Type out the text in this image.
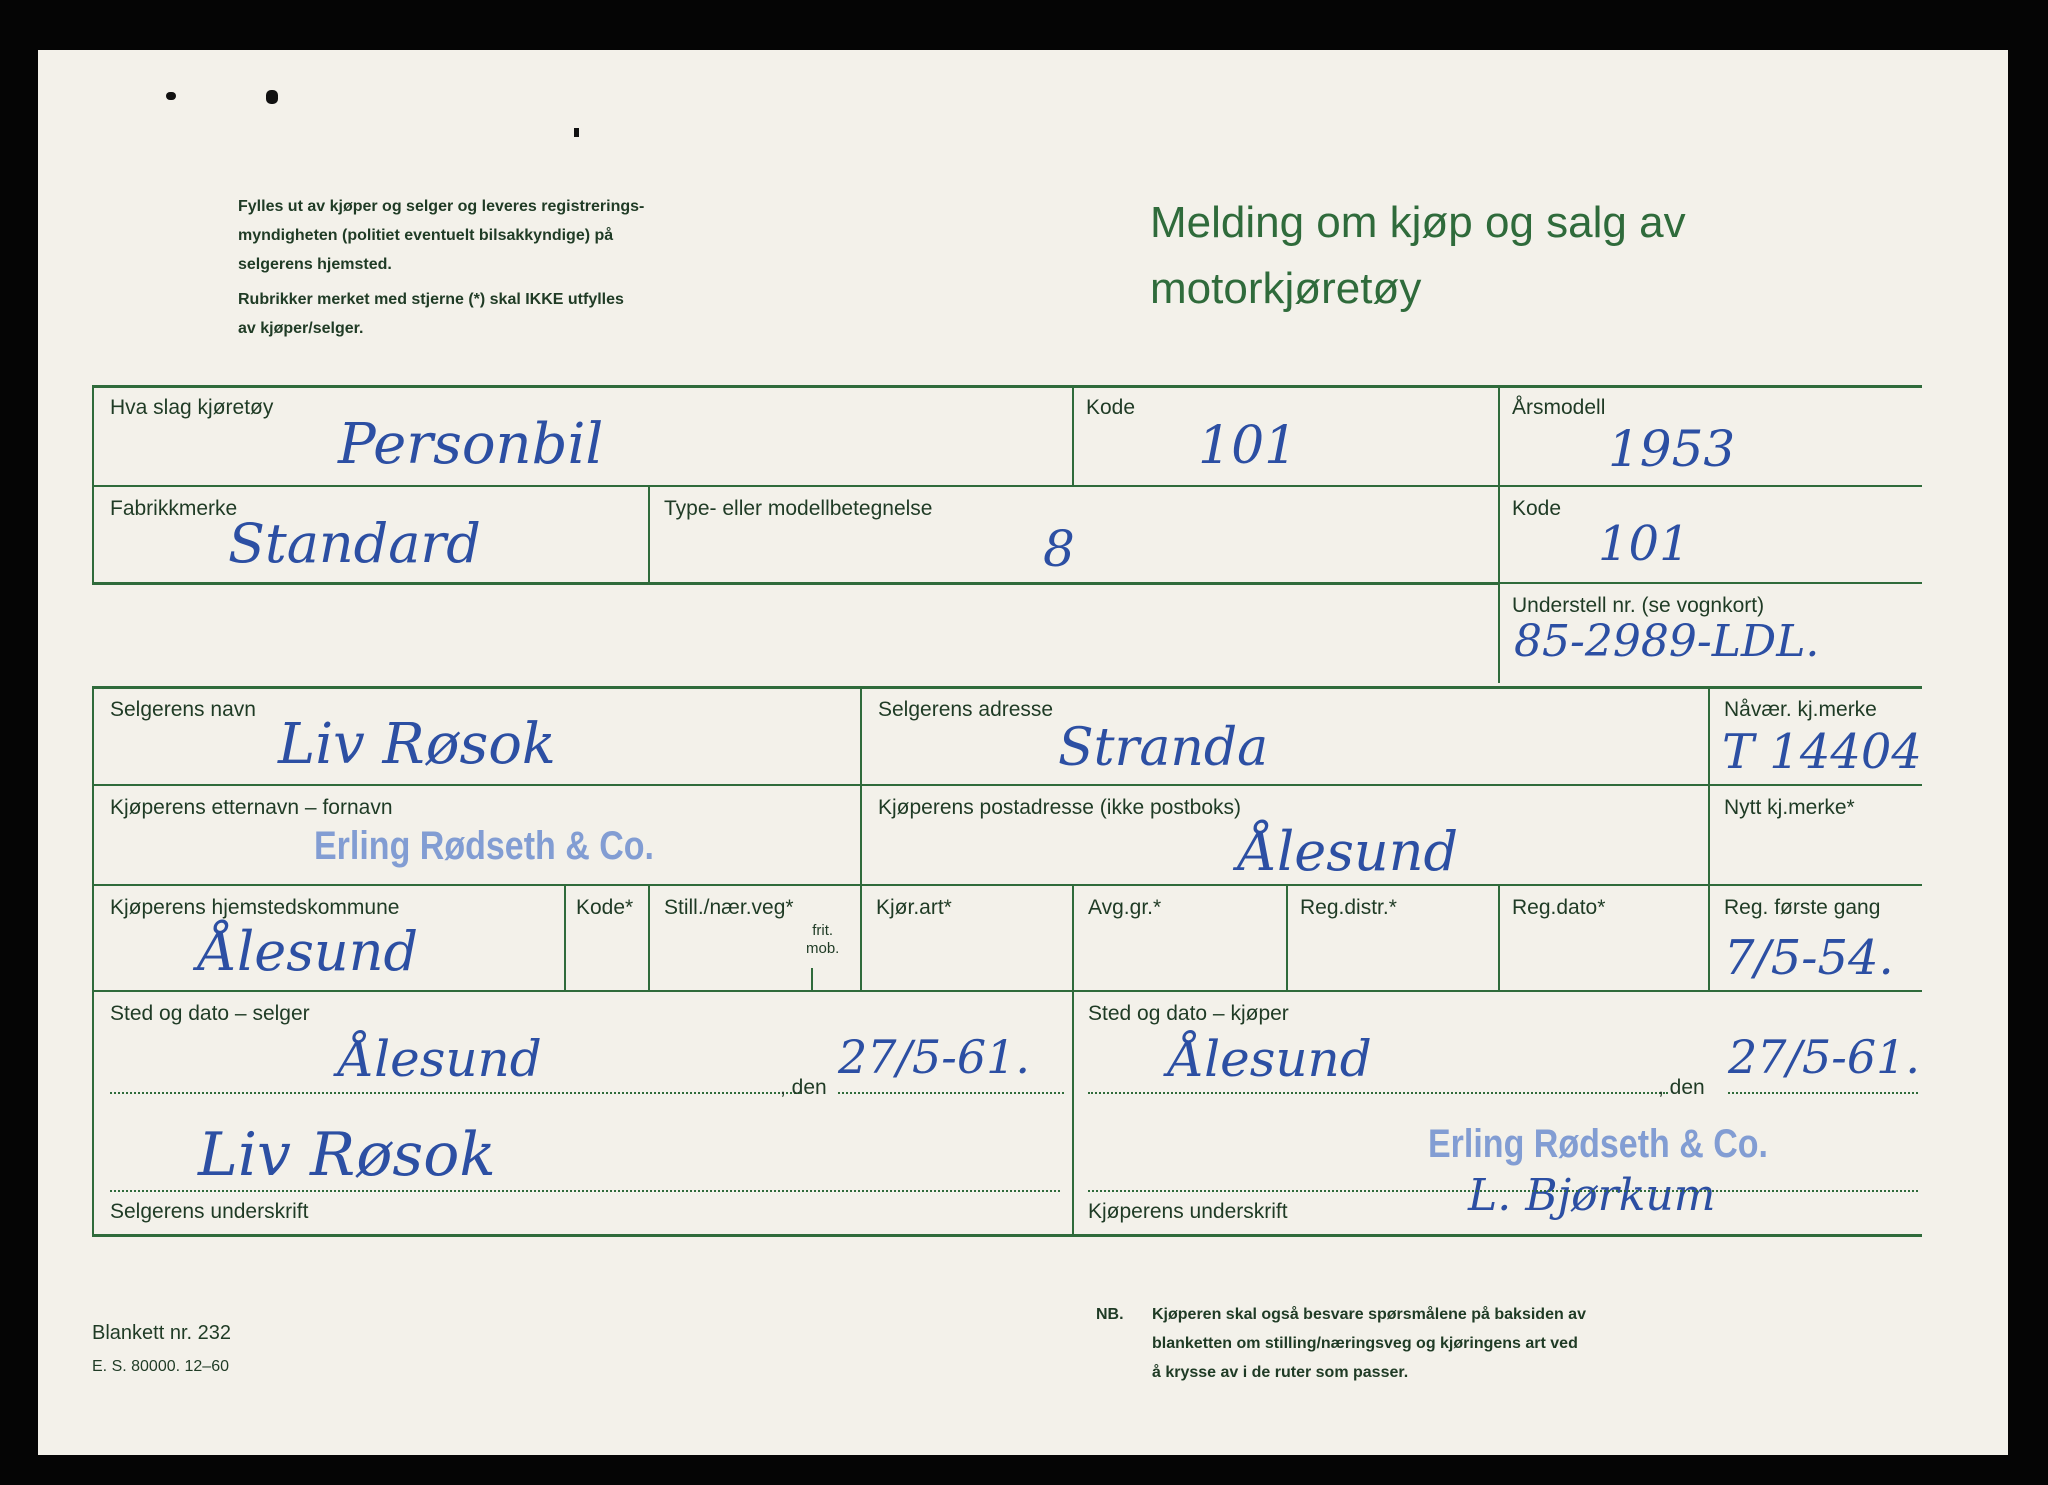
Fylles ut av kjøper og selger og leveres registrerings-
myndigheten (politiet eventuelt bilsakkyndige) på
selgerens hjemsted.
Rubrikker merket med stjerne (*) skal IKKE utfylles
av kjøper/selger.
Melding om kjøp og salg av
motorkjøretøy
Hva slag kjøretøy
Personbil
Kode
101
Årsmodell
1953
Fabrikkmerke
Standard
Type- eller modellbetegnelse
8
Kode
101
Understell nr. (se vognkort)
85-2989-LDL.
Selgerens navn
Liv Røsok
Selgerens adresse
Stranda
Nåvær. kj.merke
T 14404
Kjøperens etternavn – fornavn
Erling Rødseth & Co.
Kjøperens postadresse (ikke postboks)
Ålesund
Nytt kj.merke*
Kjøperens hjemstedskommune
Ålesund
Kode* Still./nær.veg*
frit.
mob.
Kjør.art*	Avg.gr.*	Reg.distr.*	Reg.dato*	Reg. første gang
7/5-54.
Sted og dato – selger
Ålesund	, den
27/5-61.
Liv Røsok
Selgerens underskrift
Sted og dato – kjøper
Ålesund	, den
27/5-61.
Erling Rødseth & Co.
L. Bjørkum
Kjøperens underskrift
Blankett nr. 232
E. S. 80000. 12–60
NB. Kjøperen skal også besvare spørsmålene på baksiden av
blanketten om stilling/næringsveg og kjøringens art ved
å krysse av i de ruter som passer.
